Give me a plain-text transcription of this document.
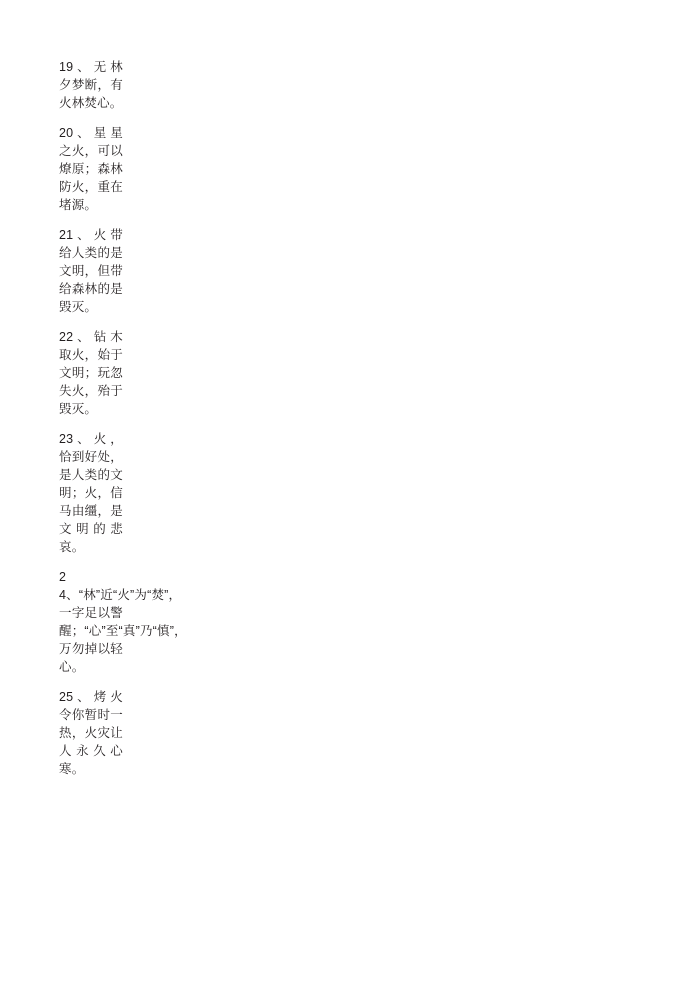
19、无林夕梦断，有火林焚心。

20、星星之火，可以燎原；森林防火，重在堵源。

21、火带给人类的是文明，但带给森林的是毁灭。

22、钻木取火，始于文明；玩忽失火，殆于毁灭。

23、火，恰到好处，是人类的文明；火，信马由缰，是文明的悲哀。

24、“林”近“火”为“焚”，一字足以警醒；“心”至“真”乃“慎”，万勿掉以轻心。

25、烤火令你暂时一热，火灾让人永久心寒。
